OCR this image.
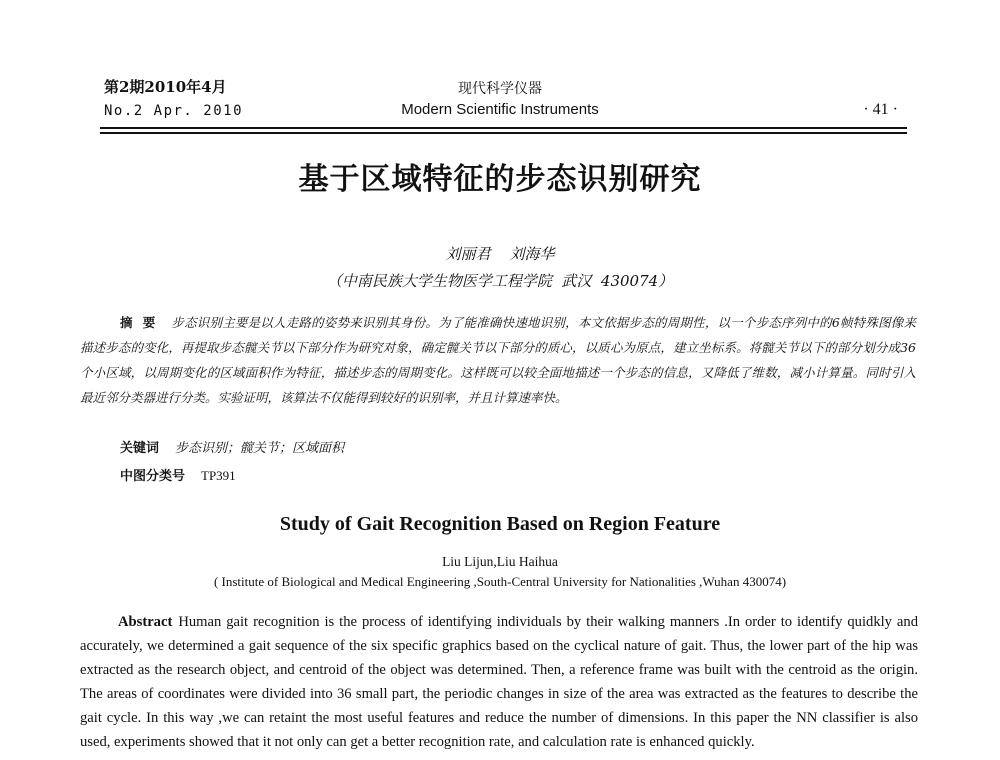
第2期2010年4月
No.2 Apr. 2010
现代科学仪器
Modern Scientific Instruments	· 41 ·
基于区域特征的步态识别研究
刘丽君    刘海华
（中南民族大学生物医学工程学院  武汉  430074）
摘要 步态识别主要是以人走路的姿势来识别其身份。为了能准确快速地识别，本文依据步态的周期性，以一个步态序列中的6帧特殊图像来描述步态的变化，再提取步态髋关节以下部分作为研究对象，确定髋关节以下部分的质心，以质心为原点，建立坐标系。将髋关节以下的部分划分成36个小区域，以周期变化的区域面积作为特征，描述步态的周期变化。这样既可以较全面地描述一个步态的信息，又降低了维数，减小计算量。同时引入最近邻分类器进行分类。实验证明，该算法不仅能得到较好的识别率，并且计算速率快。
关键词 步态识别；髋关节；区域面积
中图分类号 TP391
Study of Gait Recognition Based on Region Feature
Liu Lijun,Liu Haihua
( Institute of Biological and Medical Engineering ,South-Central University for Nationalities ,Wuhan 430074)
Abstract Human gait recognition is the process of identifying individuals by their walking manners .In order to identify quidkly and accurately, we determined a gait sequence of the six specific graphics based on the cyclical nature of gait. Thus, the lower part of the hip was extracted as the research object, and centroid of the object was determined. Then, a reference frame was built with the centroid as the origin. The areas of coordinates were divided into 36 small part, the periodic changes in size of the area was extracted as the features to describe the gait cycle. In this way ,we can retaint the most useful features and reduce the number of dimensions. In this paper the NN classifier is also used, experiments showed that it not only can get a better recognition rate, and calculation rate is enhanced quickly.
